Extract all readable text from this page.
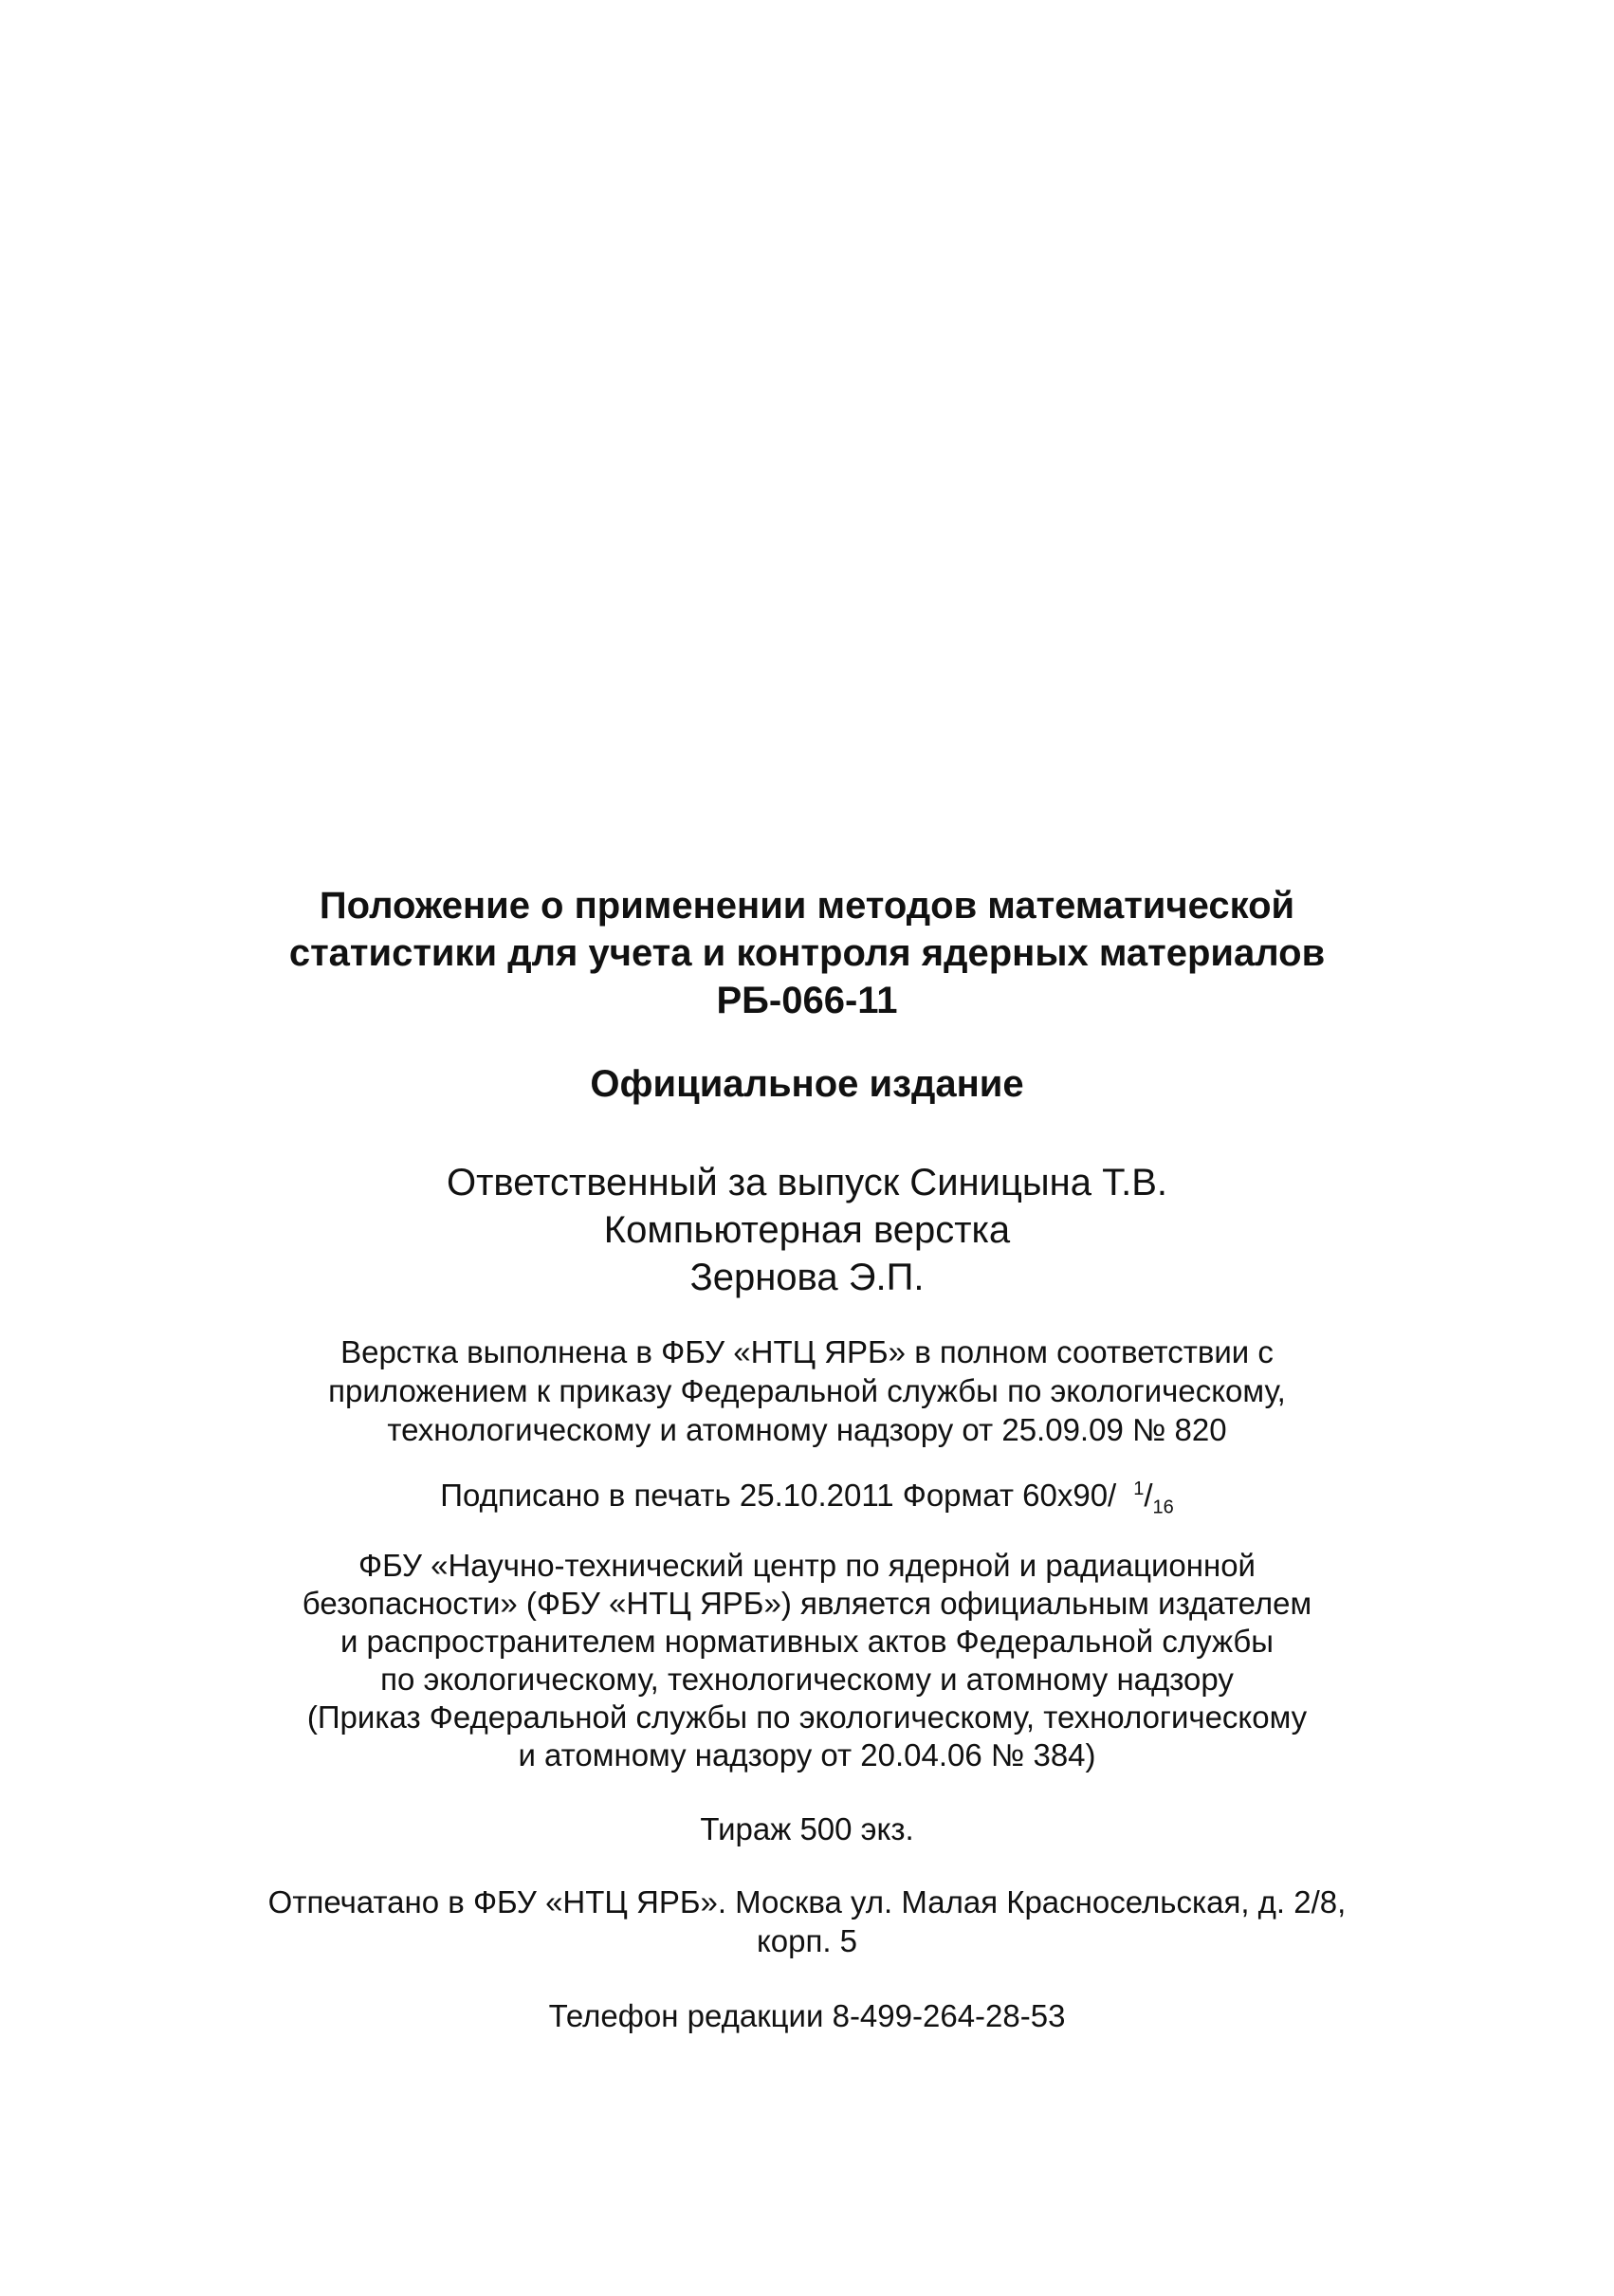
Положение о применении методов математической
статистики для учета и контроля ядерных материалов
РБ-066-11
Официальное издание
Ответственный за выпуск Синицына Т.В.
Компьютерная верстка
Зернова Э.П.
Верстка выполнена в ФБУ «НТЦ ЯРБ» в полном соответствии с
приложением к приказу Федеральной службы по экологическому,
технологическому и атомному надзору от 25.09.09 № 820
Подписано в печать 25.10.2011 Формат 60x90/ $^1/_{16}$
ФБУ «Научно-технический центр по ядерной и радиационной
безопасности» (ФБУ «НТЦ ЯРБ») является официальным издателем
и распространителем нормативных актов Федеральной службы
по экологическому, технологическому и атомному надзору
(Приказ Федеральной службы по экологическому, технологическому
и атомному надзору от 20.04.06 № 384)
Тираж 500 экз.
Отпечатано в ФБУ «НТЦ ЯРБ». Москва ул. Малая Красносельская, д. 2/8,
корп. 5
Телефон редакции 8-499-264-28-53
